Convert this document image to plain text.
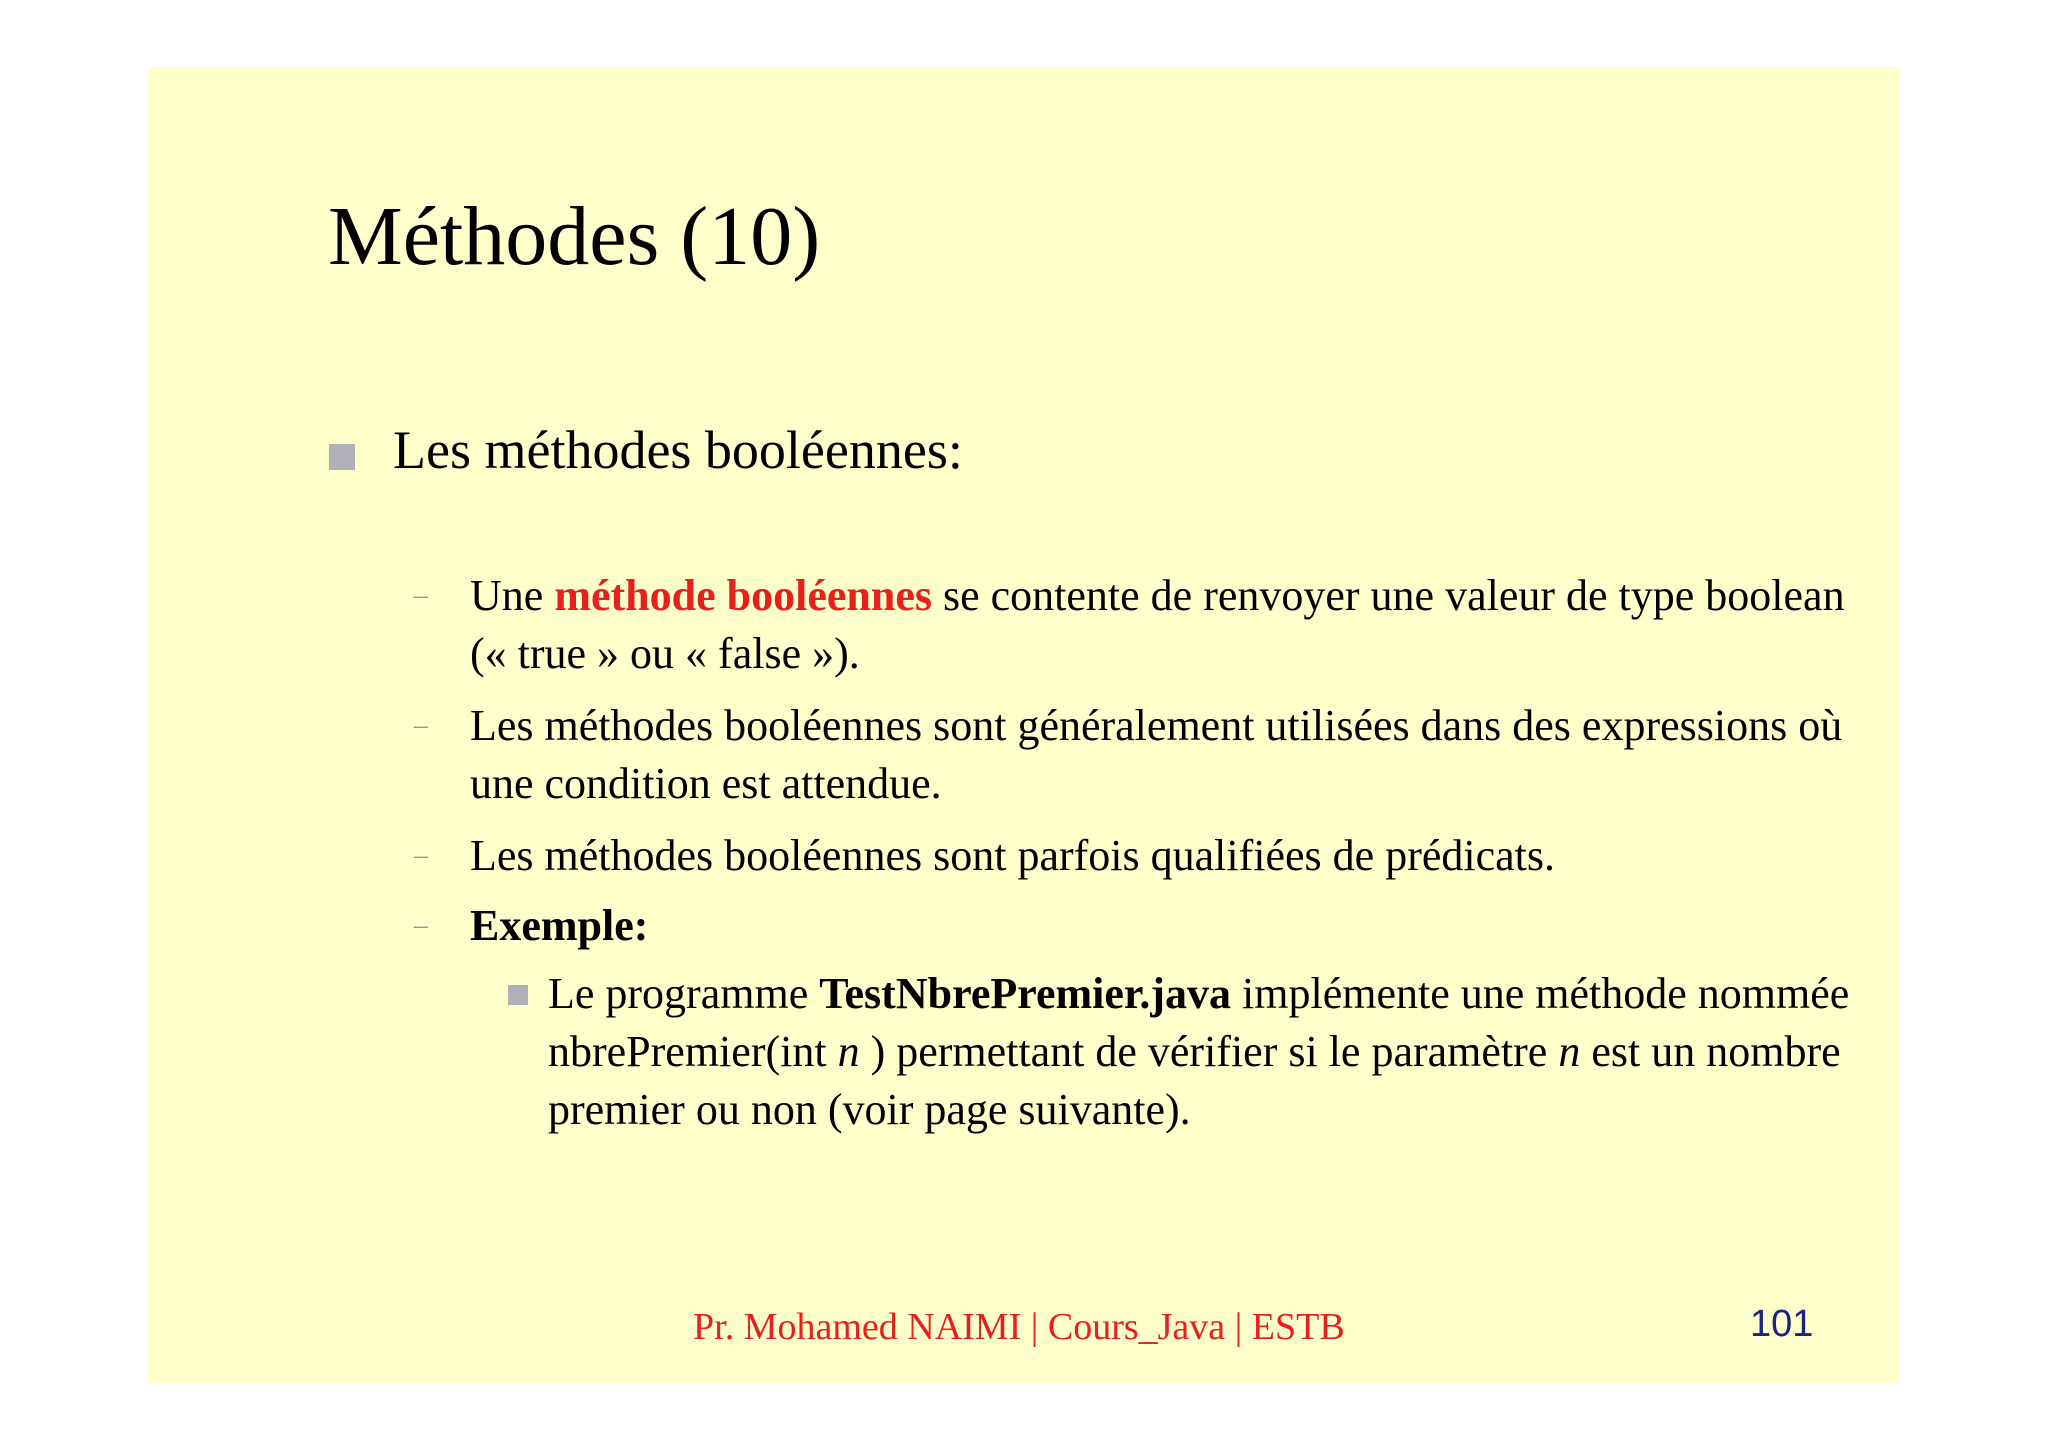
Méthodes (10)
Les méthodes booléennes:
– Une méthode booléennes se contente de renvoyer une valeur de type boolean (« true » ou « false »).
– Les méthodes booléennes sont généralement utilisées dans des expressions où une condition est attendue.
– Les méthodes booléennes sont parfois qualifiées de prédicats.
– Exemple:
Le programme TestNbrePremier.java implémente une méthode nommée nbrePremier(int n ) permettant de vérifier si le paramètre n est un nombre premier ou non (voir page suivante).
Pr. Mohamed NAIMI | Cours_Java | ESTB	101
